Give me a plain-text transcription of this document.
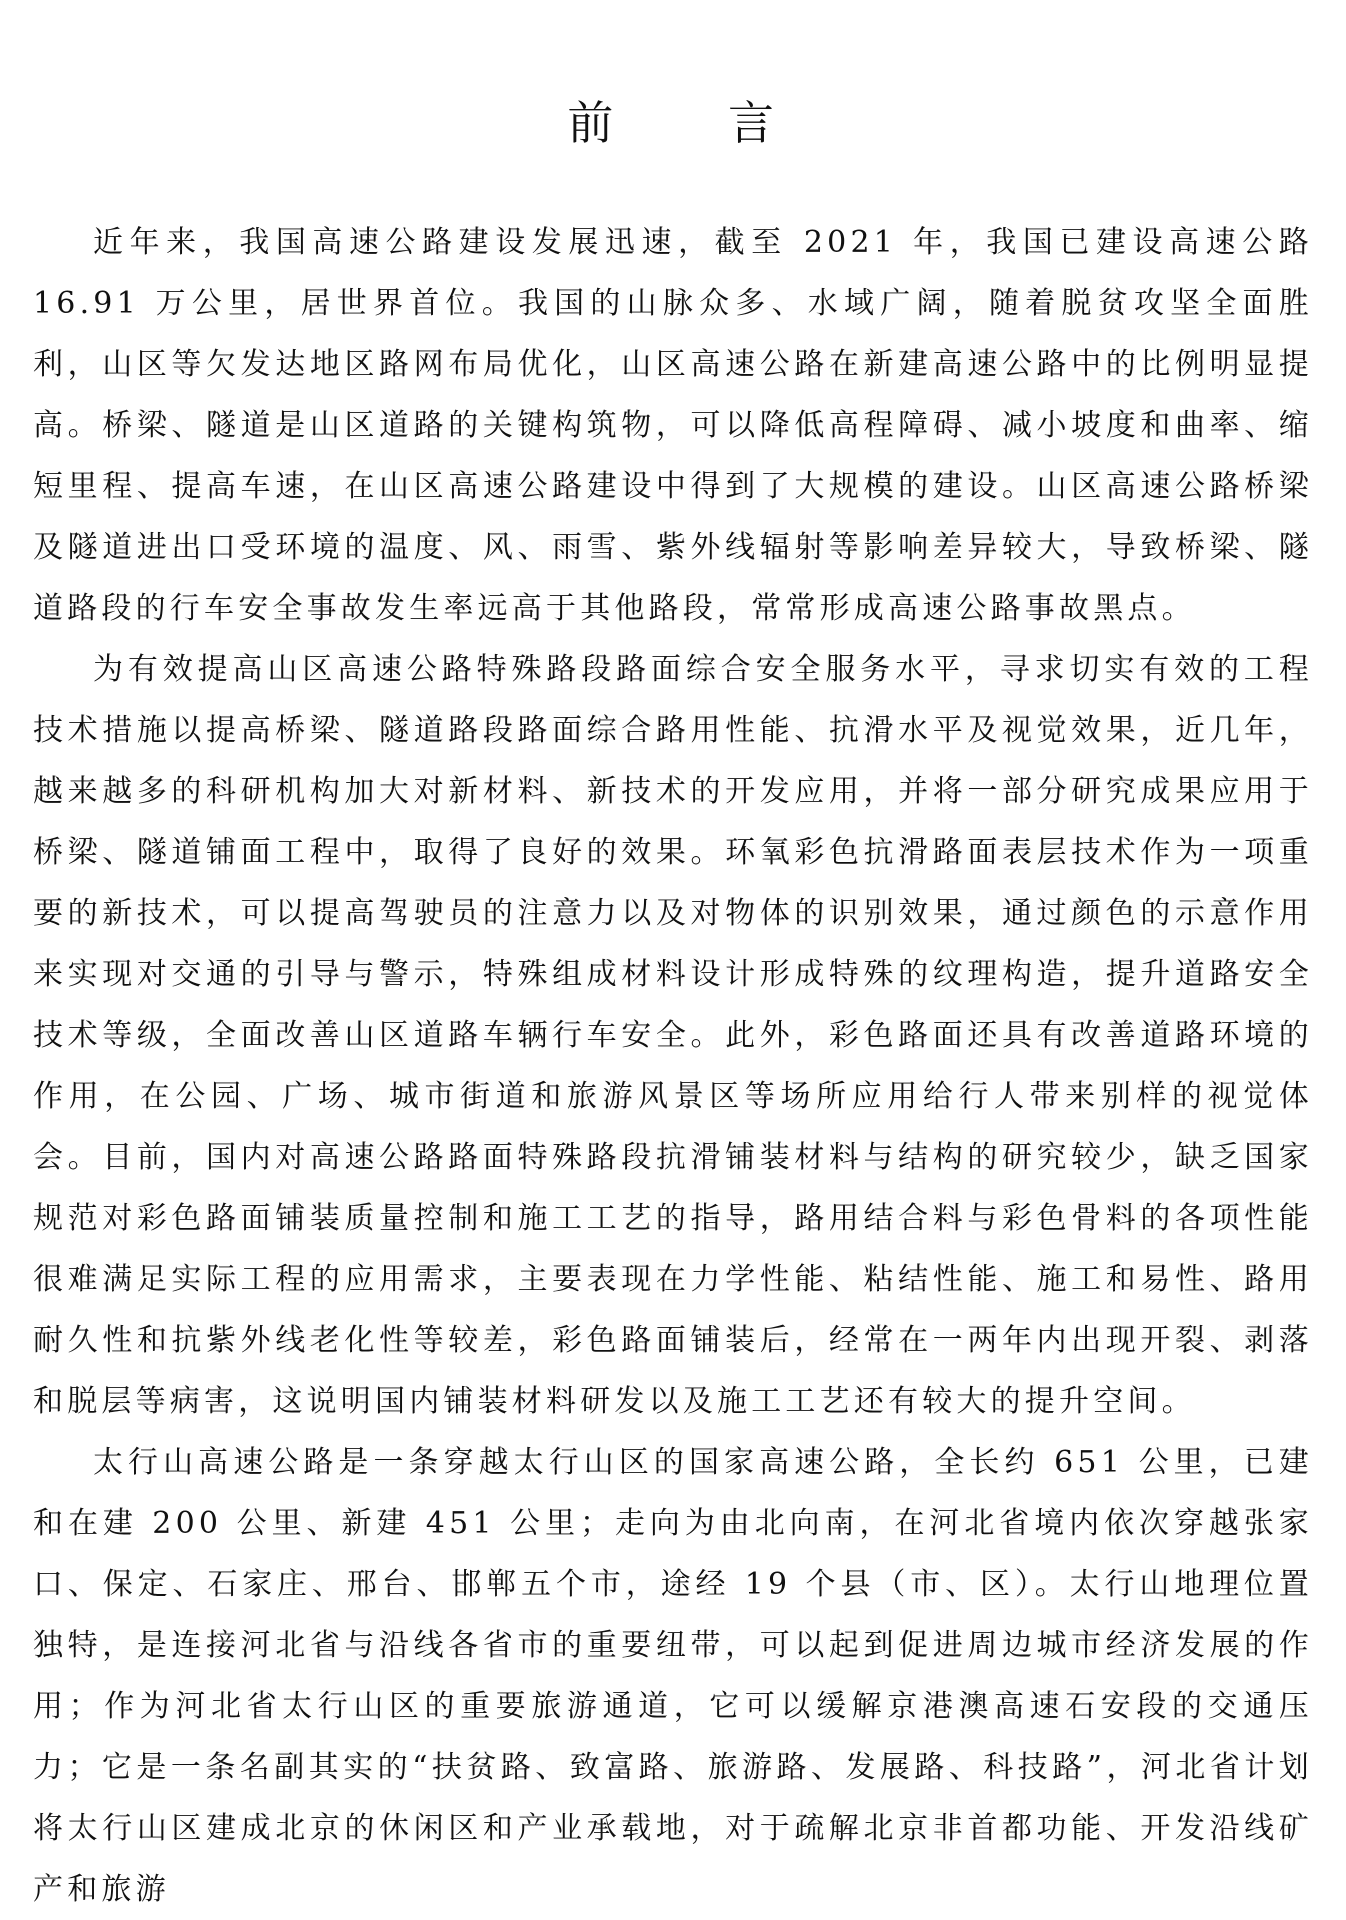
前 言

近年来，我国高速公路建设发展迅速，截至 2021 年，我国已建设高速公路 16.91 万公里，居世界首位。我国的山脉众多、水域广阔，随着脱贫攻坚全面胜利，山区等欠发达地区路网布局优化，山区高速公路在新建高速公路中的比例明显提高。桥梁、隧道是山区道路的关键构筑物，可以降低高程障碍、减小坡度和曲率、缩短里程、提高车速，在山区高速公路建设中得到了大规模的建设。山区高速公路桥梁及隧道进出口受环境的温度、风、雨雪、紫外线辐射等影响差异较大，导致桥梁、隧道路段的行车安全事故发生率远高于其他路段，常常形成高速公路事故黑点。

为有效提高山区高速公路特殊路段路面综合安全服务水平，寻求切实有效的工程技术措施以提高桥梁、隧道路段路面综合路用性能、抗滑水平及视觉效果，近几年，越来越多的科研机构加大对新材料、新技术的开发应用，并将一部分研究成果应用于桥梁、隧道铺面工程中，取得了良好的效果。环氧彩色抗滑路面表层技术作为一项重要的新技术，可以提高驾驶员的注意力以及对物体的识别效果，通过颜色的示意作用来实现对交通的引导与警示，特殊组成材料设计形成特殊的纹理构造，提升道路安全技术等级，全面改善山区道路车辆行车安全。此外，彩色路面还具有改善道路环境的作用，在公园、广场、城市街道和旅游风景区等场所应用给行人带来别样的视觉体会。目前，国内对高速公路路面特殊路段抗滑铺装材料与结构的研究较少，缺乏国家规范对彩色路面铺装质量控制和施工工艺的指导，路用结合料与彩色骨料的各项性能很难满足实际工程的应用需求，主要表现在力学性能、粘结性能、施工和易性、路用耐久性和抗紫外线老化性等较差，彩色路面铺装后，经常在一两年内出现开裂、剥落和脱层等病害，这说明国内铺装材料研发以及施工工艺还有较大的提升空间。

太行山高速公路是一条穿越太行山区的国家高速公路，全长约 651 公里，已建和在建 200 公里、新建 451 公里；走向为由北向南，在河北省境内依次穿越张家口、保定、石家庄、邢台、邯郸五个市，途经 19 个县（市、区）。太行山地理位置独特，是连接河北省与沿线各省市的重要纽带，可以起到促进周边城市经济发展的作用；作为河北省太行山区的重要旅游通道，它可以缓解京港澳高速石安段的交通压力；它是一条名副其实的“扶贫路、致富路、旅游路、发展路、科技路”，河北省计划将太行山区建成北京的休闲区和产业承载地，对于疏解北京非首都功能、开发沿线矿产和旅游
